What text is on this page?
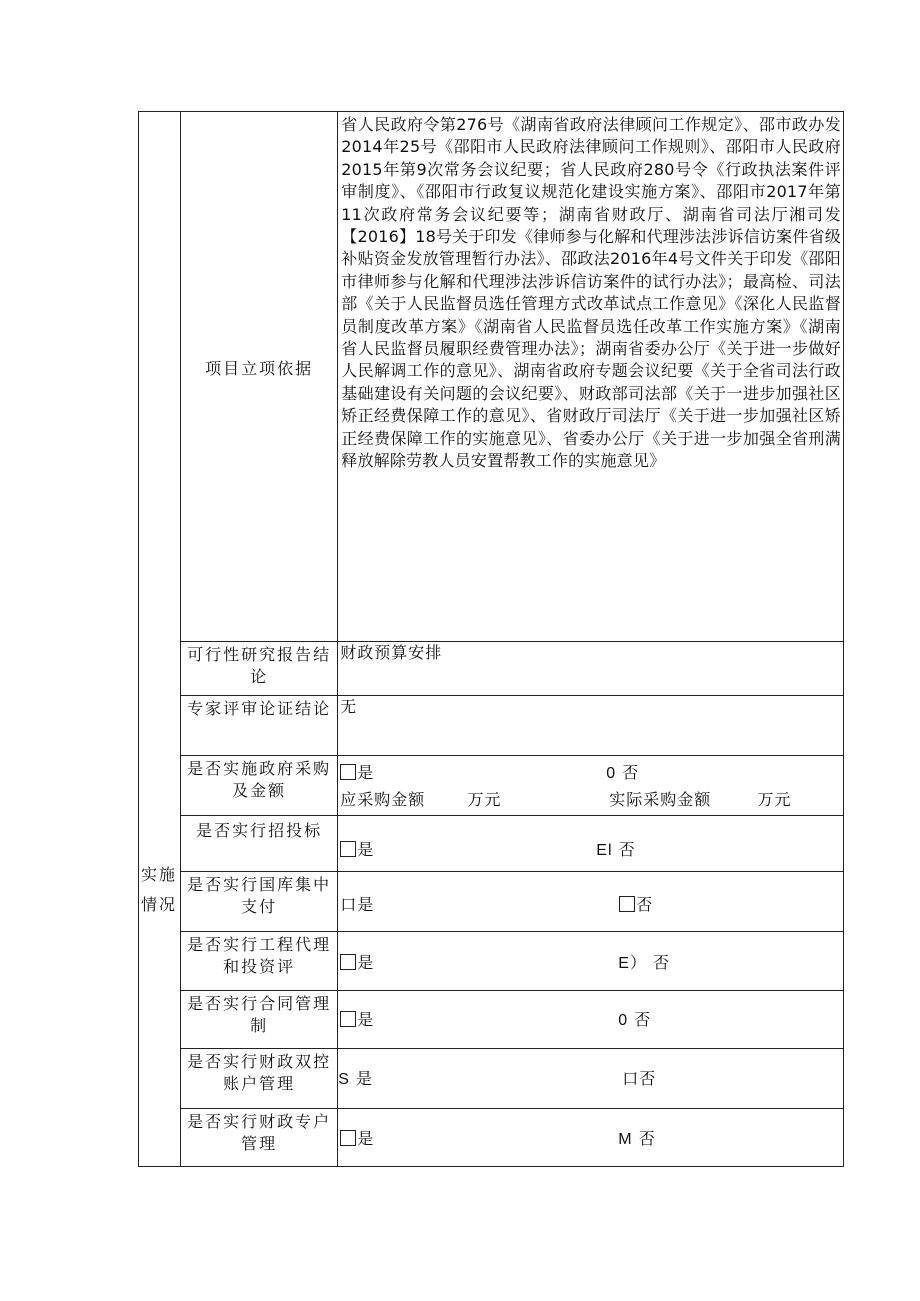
实施情况	项目立项依据	省人民政府令第276号《湖南省政府法律顾问工作规定》、邵市政办发2014年25号《邵阳市人民政府法律顾问工作规则》、邵阳市人民政府2015年第9次常务会议纪要；省人民政府280号令《行政执法案件评审制度》、《邵阳市行政复议规范化建设实施方案》、邵阳市2017年第11次政府常务会议纪要等；湖南省财政厅、湖南省司法厅湘司发【2016】18号关于印发《律师参与化解和代理涉法涉诉信访案件省级补贴资金发放管理暂行办法》、邵政法2016年4号文件关于印发《邵阳市律师参与化解和代理涉法涉诉信访案件的试行办法》；最高检、司法部《关于人民监督员选任管理方式改革试点工作意见》《深化人民监督员制度改革方案》《湖南省人民监督员选任改革工作实施方案》《湖南省人民监督员履职经费管理办法》；湖南省委办公厅《关于进一步做好人民解调工作的意见》、湖南省政府专题会议纪要《关于全省司法行政基础建设有关问题的会议纪要》、财政部司法部《关于一进步加强社区矫正经费保障工作的意见》、省财政厅司法厅《关于进一步加强社区矫正经费保障工作的实施意见》、省委办公厅《关于进一步加强全省刑满释放解除劳教人员安置帮教工作的实施意见》

可行性研究报告结论	财政预算安排

专家评审论证结论	无

是否实施政府采购及金额	是 0 否
应采购金额 万元 实际采购金额 万元

是否实行招投标	是 El 否

是否实行国库集中支付	口是 否

是否实行工程代理和投资评	是 E） 否

是否实行合同管理制	是 0 否

是否实行财政双控账户管理	S 是 口否

是否实行财政专户管理	是 M 否
